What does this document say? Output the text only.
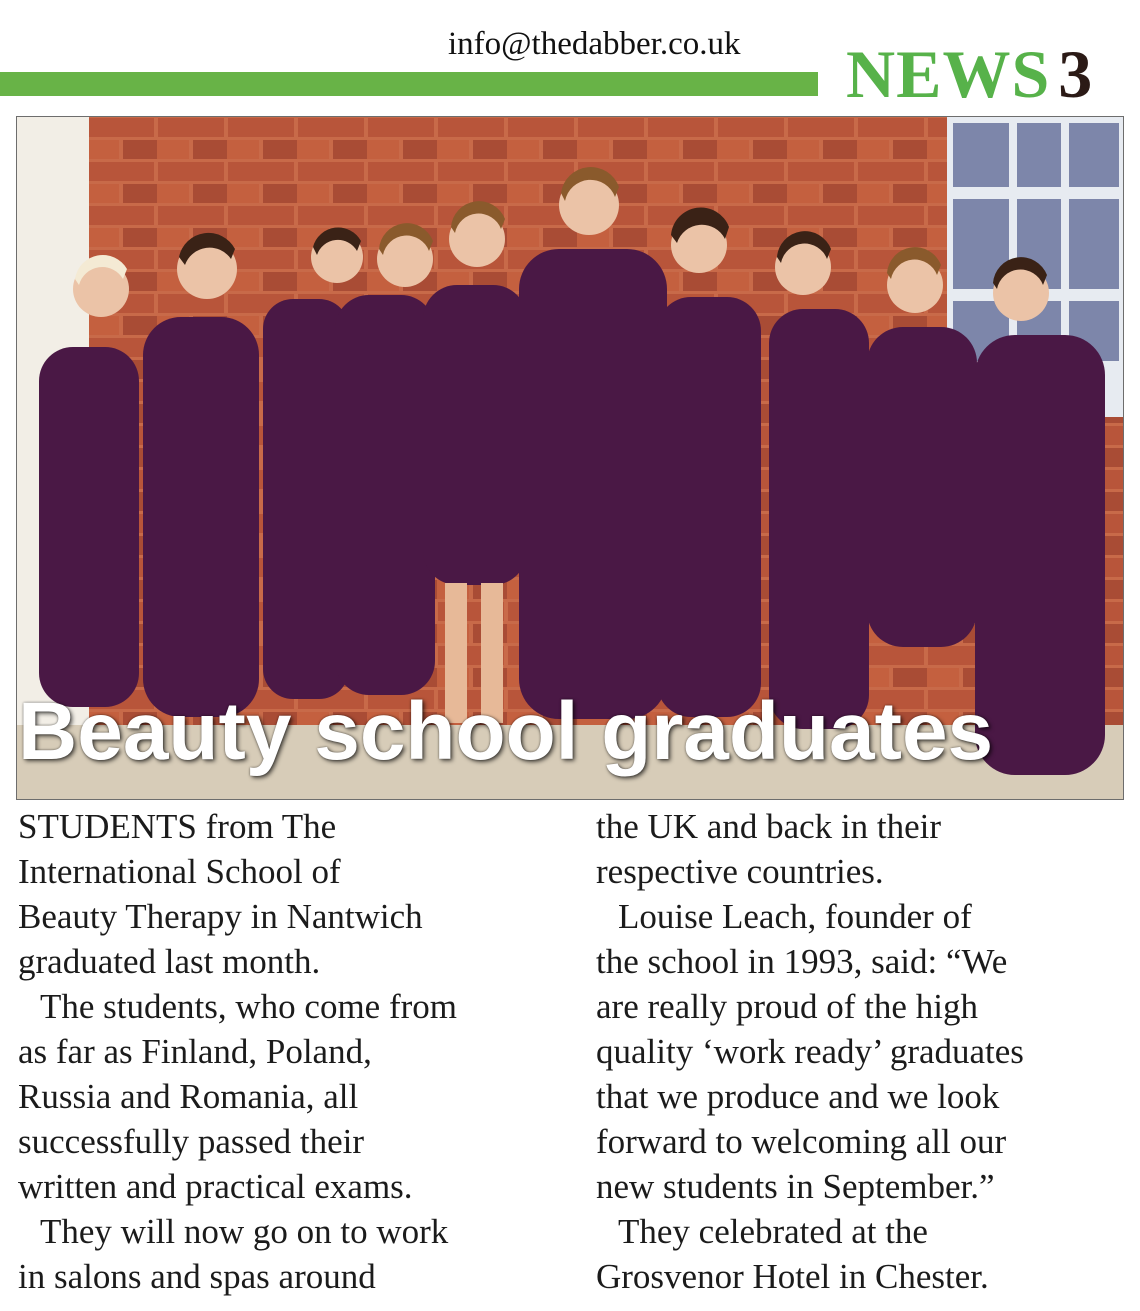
info@thedabber.co.uk NEWS 3
Beauty school graduates

STUDENTS from The

International School of

Beauty Therapy in Nantwich

graduated last month.

The students, who come from

as far as Finland, Poland,

Russia and Romania, all

successfully passed their

written and practical exams.

They will now go on to work

in salons and spas around

the UK and back in their

respective countries.

Louise Leach, founder of

the school in 1993, said: “We

are really proud of the high

quality ‘work ready’ graduates

that we produce and we look

forward to welcoming all our

new students in September.”

They celebrated at the

Grosvenor Hotel in Chester.
